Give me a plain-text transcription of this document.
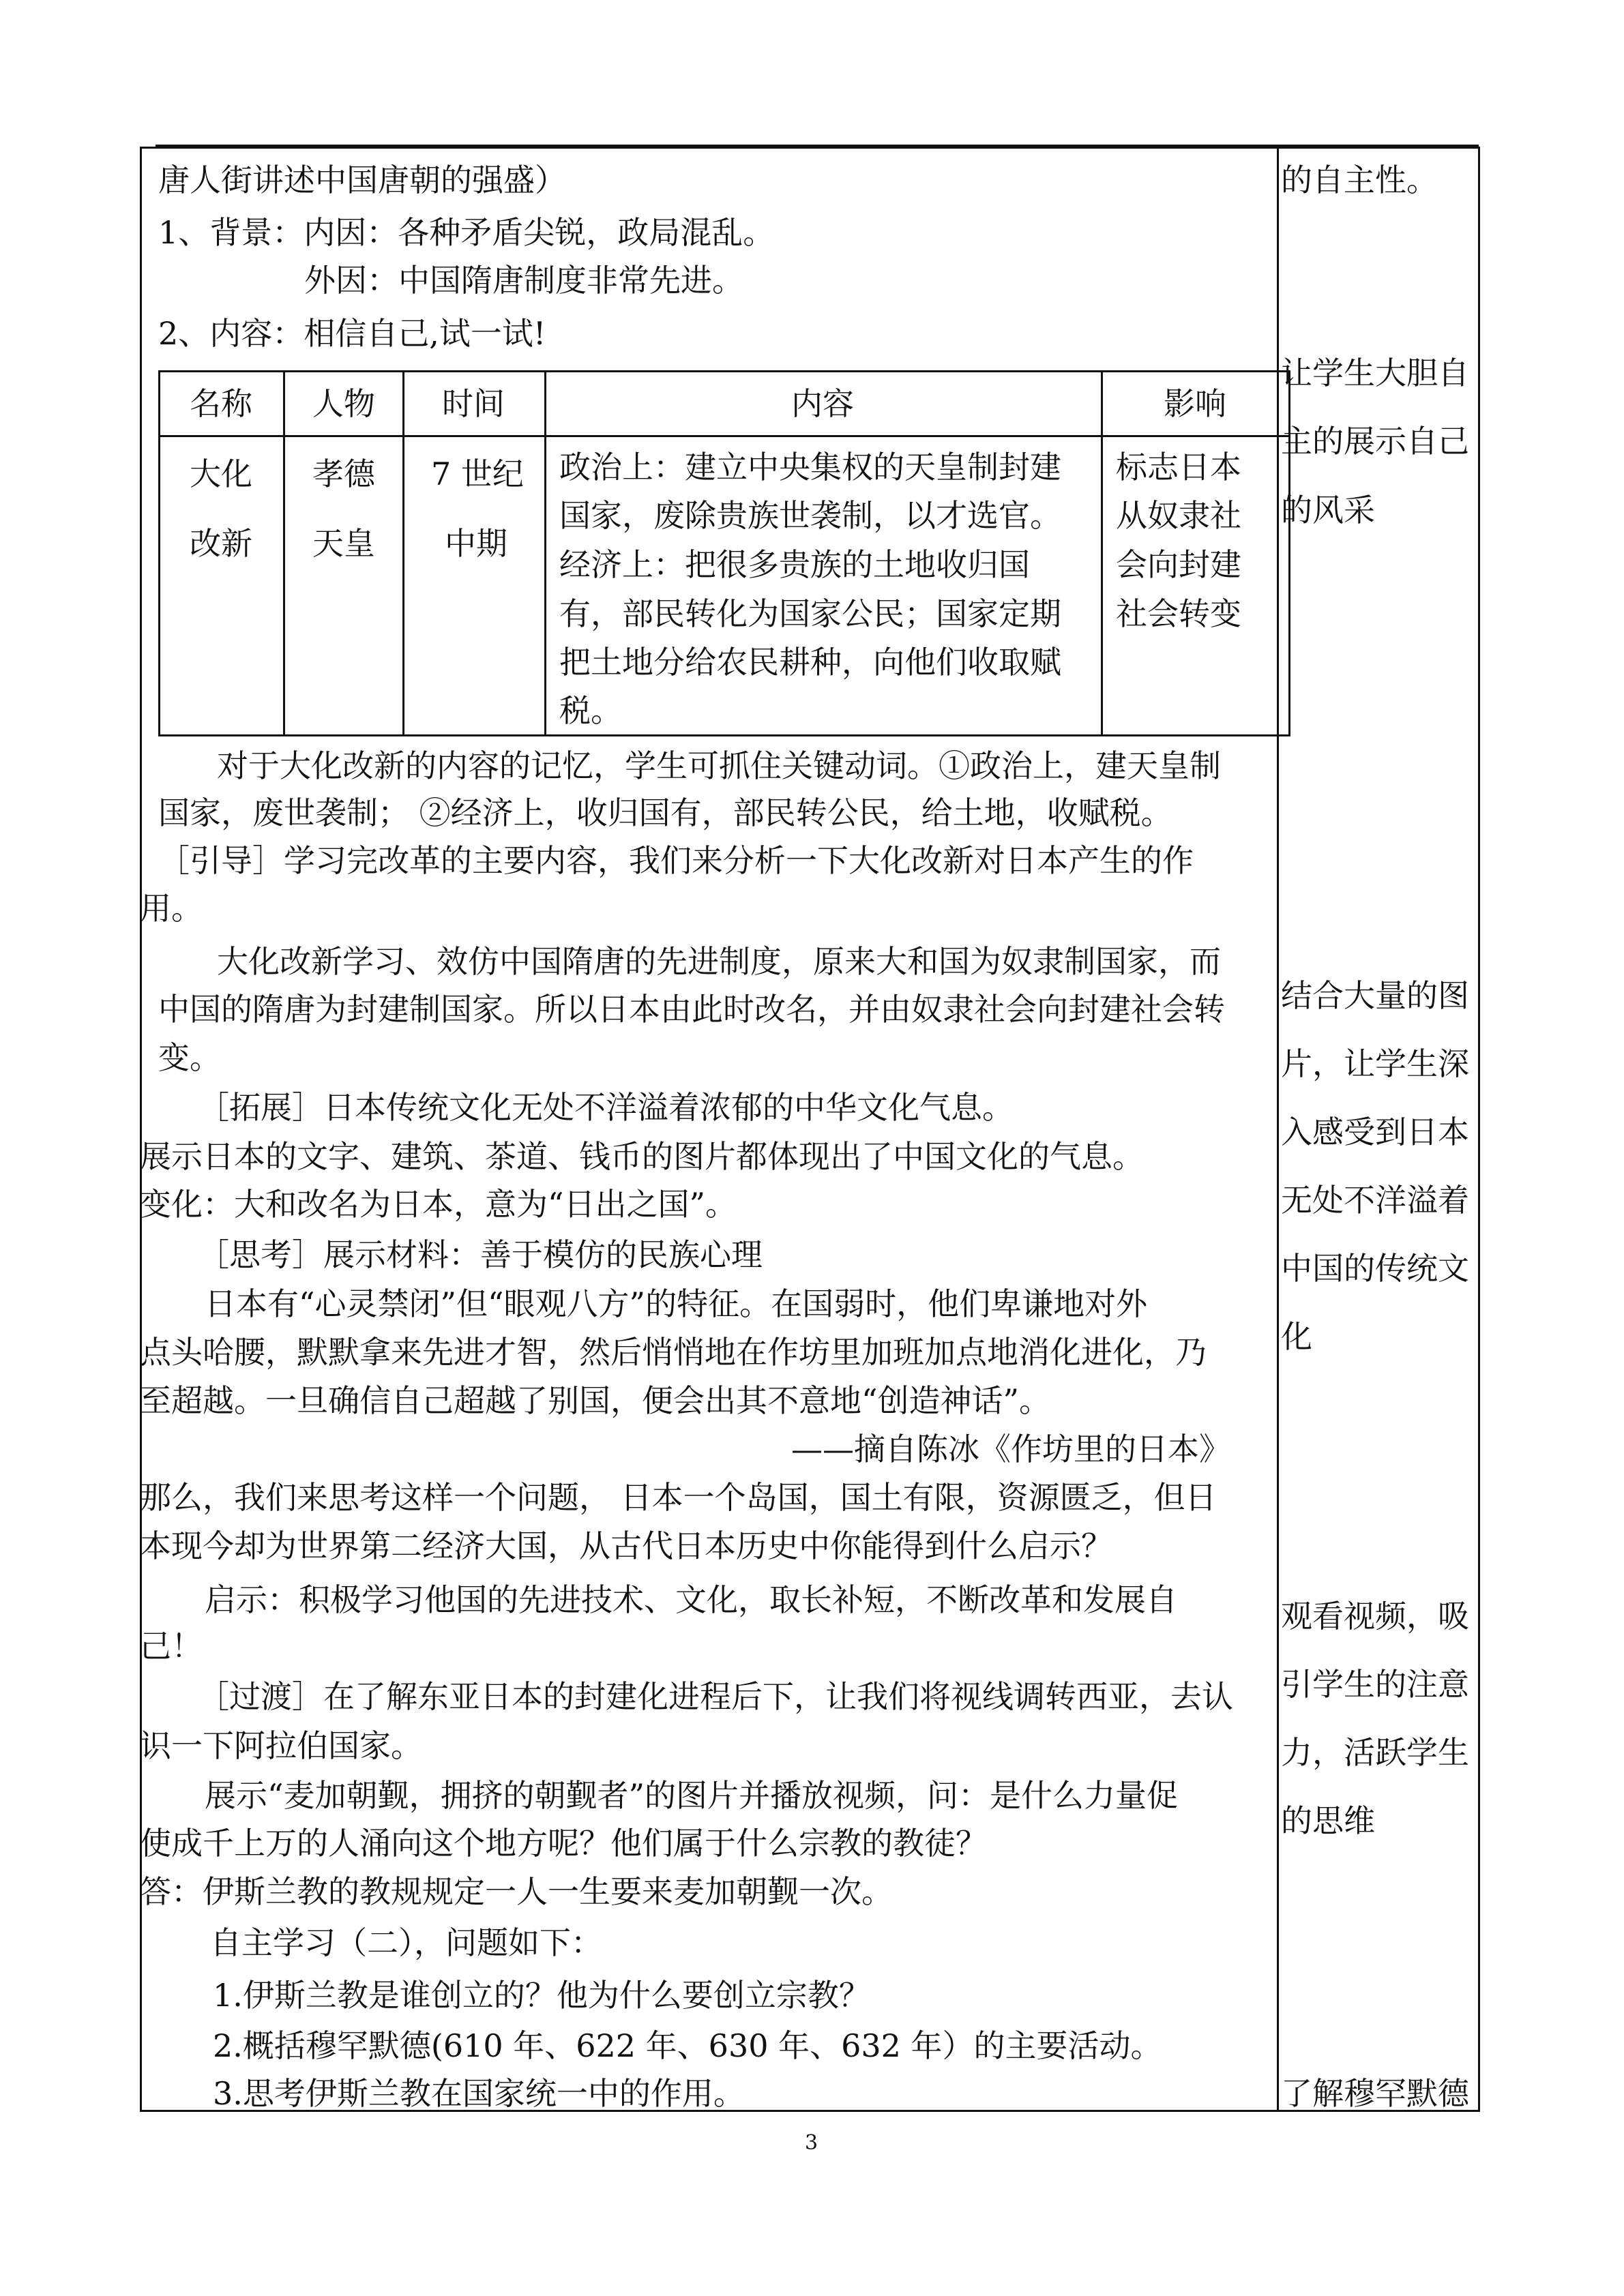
唐人街讲述中国唐朝的强盛）
1、背景：内因：各种矛盾尖锐，政局混乱。
外因：中国隋唐制度非常先进。
2、内容：相信自己,试一试!
名称 人物 时间	内容	影响
大化
改新
孝德
天皇
7 世纪
中期
政治上：建立中央集权的天皇制封建
国家，废除贵族世袭制，以才选官。
经济上：把很多贵族的土地收归国
有，部民转化为国家公民；国家定期
把土地分给农民耕种，向他们收取赋
税。
标志日本
从奴隶社
会向封建
社会转变
对于大化改新的内容的记忆，学生可抓住关键动词。①政治上，建天皇制
国家，废世袭制； ②经济上，收归国有，部民转公民，给土地，收赋税。
［引导］学习完改革的主要内容，我们来分析一下大化改新对日本产生的作
用。
大化改新学习、效仿中国隋唐的先进制度，原来大和国为奴隶制国家，而
中国的隋唐为封建制国家。所以日本由此时改名，并由奴隶社会向封建社会转
变。
［拓展］日本传统文化无处不洋溢着浓郁的中华文化气息。
展示日本的文字、建筑、茶道、钱币的图片都体现出了中国文化的气息。
变化：大和改名为日本，意为“日出之国”。
［思考］展示材料：善于模仿的民族心理
日本有“心灵禁闭”但“眼观八方”的特征。在国弱时，他们卑谦地对外
点头哈腰，默默拿来先进才智，然后悄悄地在作坊里加班加点地消化进化，乃
至超越。一旦确信自己超越了别国，便会出其不意地“创造神话”。
——摘自陈冰《作坊里的日本》
那么，我们来思考这样一个问题， 日本一个岛国，国土有限，资源匮乏，但日
本现今却为世界第二经济大国，从古代日本历史中你能得到什么启示？
启示：积极学习他国的先进技术、文化，取长补短，不断改革和发展自
己！
［过渡］在了解东亚日本的封建化进程后下，让我们将视线调转西亚，去认
识一下阿拉伯国家。
展示“麦加朝觐，拥挤的朝觐者”的图片并播放视频，问：是什么力量促
使成千上万的人涌向这个地方呢？他们属于什么宗教的教徒？
答：伊斯兰教的教规规定一人一生要来麦加朝觐一次。
自主学习（二），问题如下：
1.伊斯兰教是谁创立的？他为什么要创立宗教？
2.概括穆罕默德(610 年、622 年、630 年、632 年）的主要活动。
3.思考伊斯兰教在国家统一中的作用。
的自主性。
让学生大胆自
主的展示自己
的风采
结合大量的图
片，让学生深
入感受到日本
无处不洋溢着
中国的传统文
化
观看视频，吸
引学生的注意
力，活跃学生
的思维
了解穆罕默德
3
